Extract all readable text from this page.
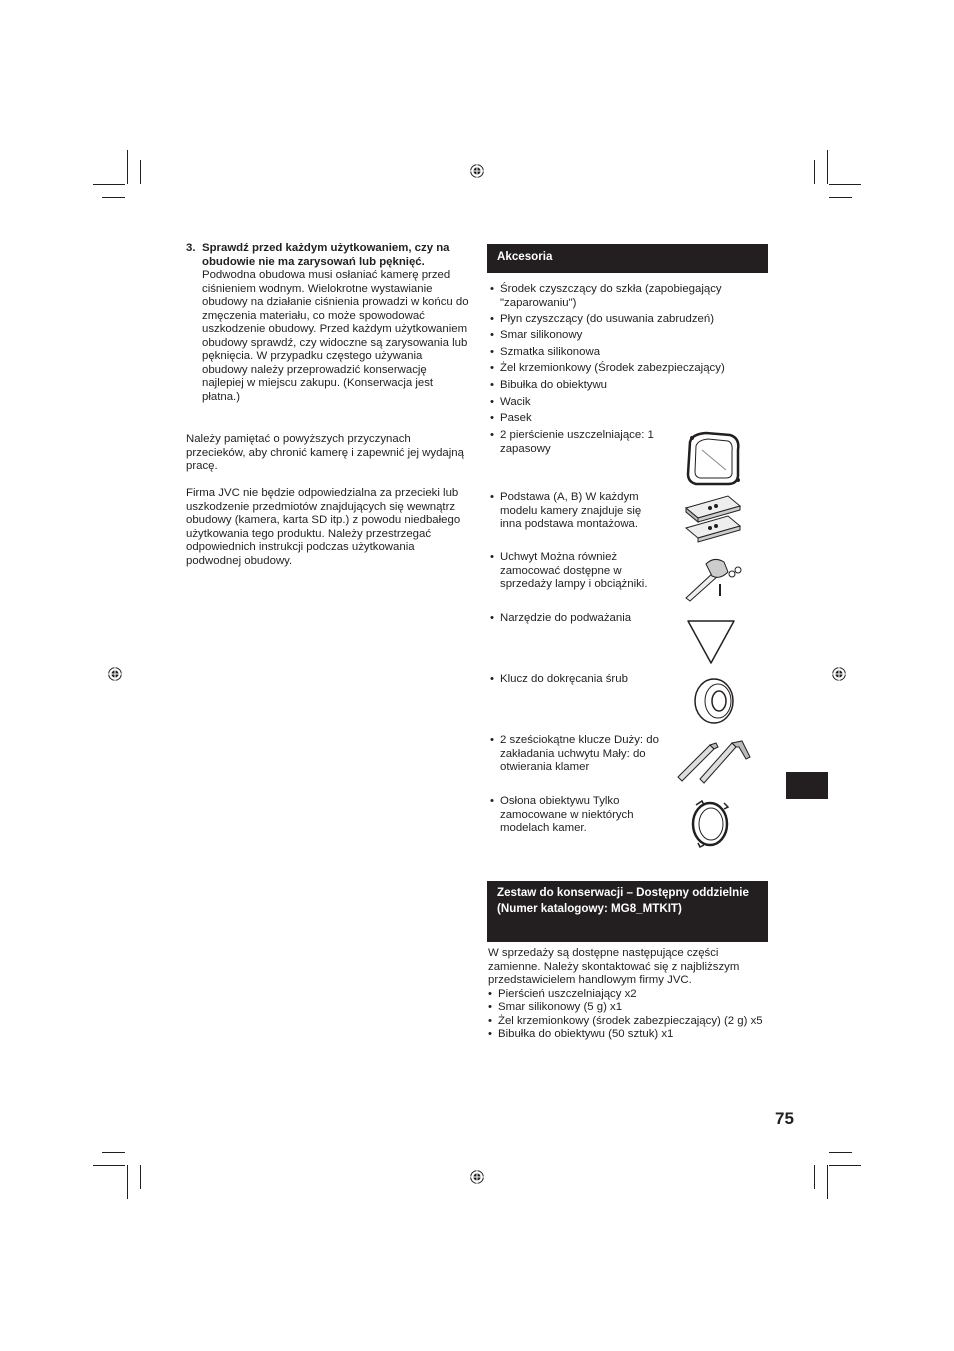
3. Sprawdź przed każdym użytkowaniem, czy na obudowie nie ma zarysowań lub pęknięć.
Podwodna obudowa musi osłaniać kamerę przed ciśnieniem wodnym. Wielokrotne wystawianie obudowy na działanie ciśnienia prowadzi w końcu do zmęczenia materiału, co może spowodować uszkodzenie obudowy. Przed każdym użytkowaniem obudowy sprawdź, czy widoczne są zarysowania lub pęknięcia. W przypadku częstego używania obudowy należy przeprowadzić konserwację najlepiej w miejscu zakupu. (Konserwacja jest płatna.)
Należy pamiętać o powyższych przyczynach przecieków, aby chronić kamerę i zapewnić jej wydajną pracę.
Firma JVC nie będzie odpowiedzialna za przecieki lub uszkodzenie przedmiotów znajdujących się wewnątrz obudowy (kamera, karta SD itp.) z powodu niedbałego użytkowania tego produktu. Należy przestrzegać odpowiednich instrukcji podczas użytkowania podwodnej obudowy.
Akcesoria
• Środek czyszczący do szkła (zapobiegający "zaparowaniu")
• Płyn czyszczący (do usuwania zabrudzeń)
• Smar silikonowy
• Szmatka silikonowa
• Żel krzemionkowy (Środek zabezpieczający)
• Bibułka do obiektywu
• Wacik
• Pasek
• 2 pierścienie uszczelniające: 1 zapasowy
• Podstawa (A, B) W każdym modelu kamery znajduje się inna podstawa montażowa.
• Uchwyt Można również zamocować dostępne w sprzedaży lampy i obciążniki.
• Narzędzie do podważania
• Klucz do dokręcania śrub
• 2 sześciokątne klucze Duży: do zakładania uchwytu Mały: do otwierania klamer
• Osłona obiektywu Tylko zamocowane w niektórych modelach kamer.
Zestaw do konserwacji – Dostępny oddzielnie (Numer katalogowy: MG8_MTKIT)

W sprzedaży są dostępne następujące części zamienne. Należy skontaktować się z najbliższym przedstawicielem handlowym firmy JVC.

• Pierścień uszczelniający x2
• Smar silikonowy (5 g) x1
• Żel krzemionkowy (środek zabezpieczający) (2 g) x5
• Bibułka do obiektywu (50 sztuk) x1
75
